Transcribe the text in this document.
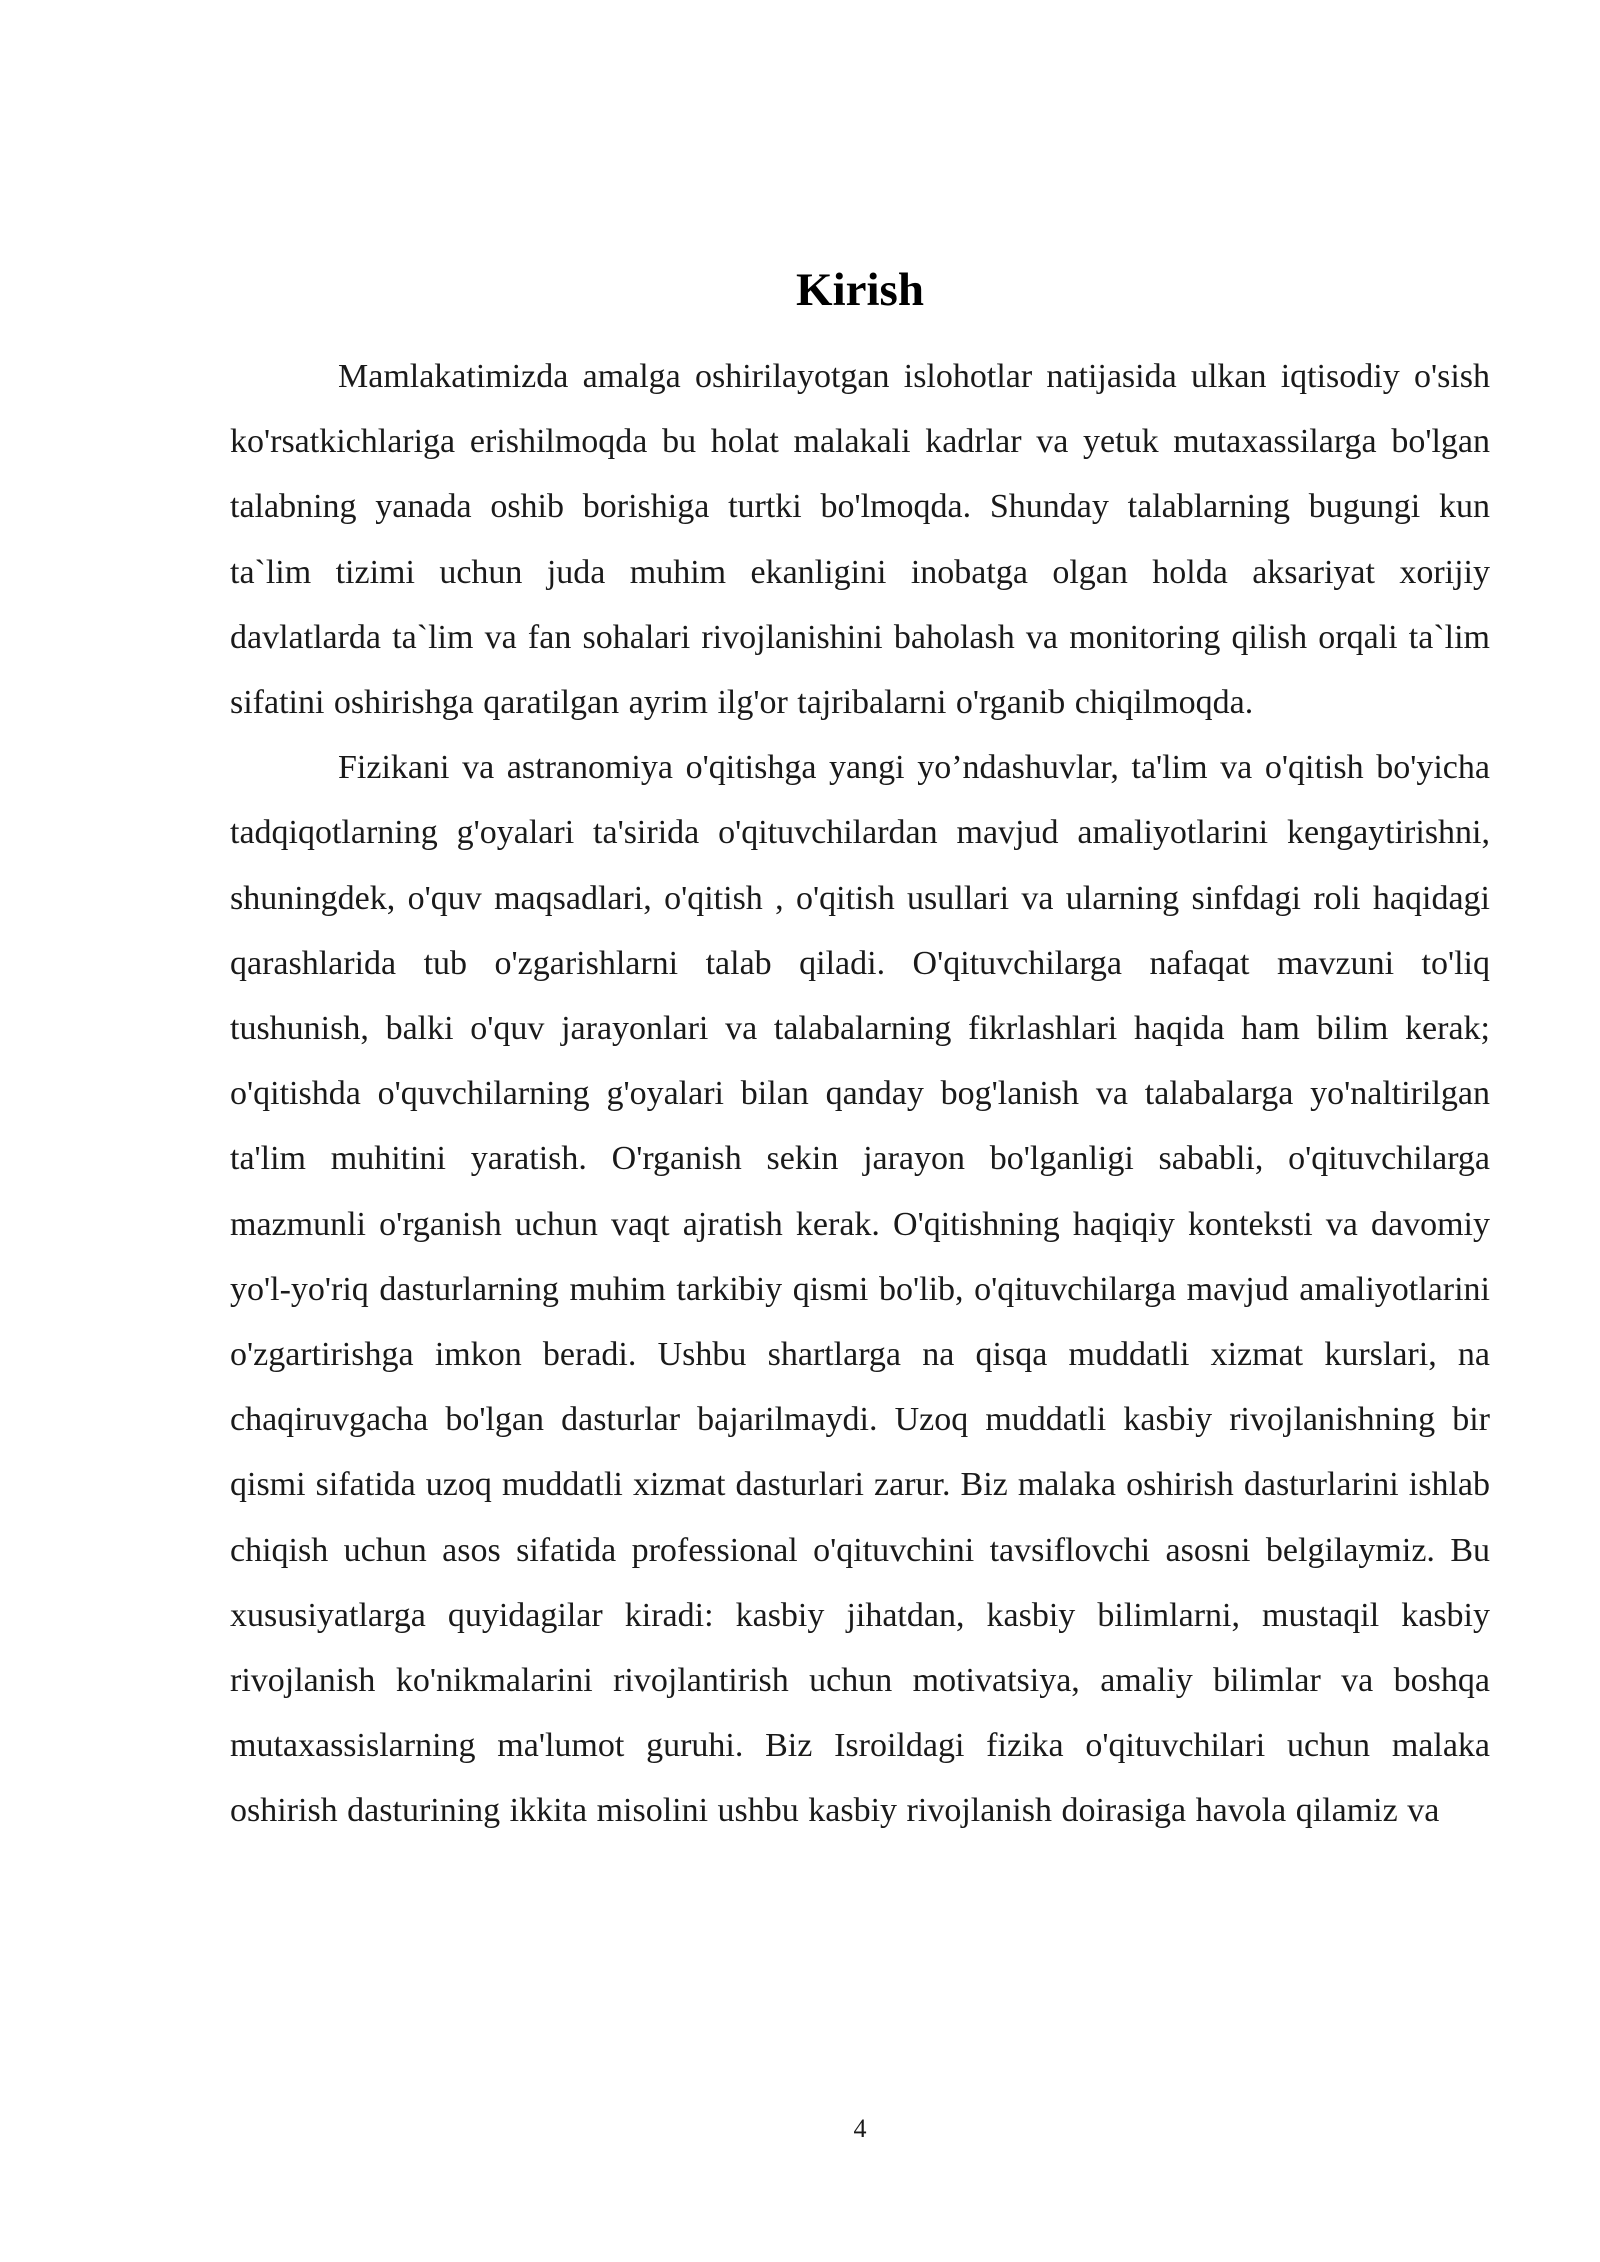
Kirish

Mamlakatimizda amalga oshirilayotgan islohotlar natijasida ulkan iqtisodiy o'sish ko'rsatkichlariga erishilmoqda bu holat malakali kadrlar va yetuk mutaxassilarga bo'lgan talabning yanada oshib borishiga turtki bo'lmoqda. Shunday talablarning bugungi kun ta`lim tizimi uchun juda muhim ekanligini inobatga olgan holda aksariyat xorijiy davlatlarda ta`lim va fan sohalari rivojlanishini baholash va monitoring qilish orqali ta`lim sifatini oshirishga qaratilgan ayrim ilg'or tajribalarni o'rganib chiqilmoqda.

Fizikani va astranomiya o'qitishga yangi yo’ndashuvlar, ta'lim va o'qitish bo'yicha tadqiqotlarning g'oyalari ta'sirida o'qituvchilardan mavjud amaliyotlarini kengaytirishni, shuningdek, o'quv maqsadlari, o'qitish , o'qitish usullari va ularning sinfdagi roli haqidagi qarashlarida tub o'zgarishlarni talab qiladi. O'qituvchilarga nafaqat mavzuni to'liq tushunish, balki o'quv jarayonlari va talabalarning fikrlashlari haqida ham bilim kerak; o'qitishda o'quvchilarning g'oyalari bilan qanday bog'lanish va talabalarga yo'naltirilgan ta'lim muhitini yaratish. O'rganish sekin jarayon bo'lganligi sababli, o'qituvchilarga mazmunli o'rganish uchun vaqt ajratish kerak. O'qitishning haqiqiy konteksti va davomiy yo'l-yo'riq dasturlarning muhim tarkibiy qismi bo'lib, o'qituvchilarga mavjud amaliyotlarini o'zgartirishga imkon beradi. Ushbu shartlarga na qisqa muddatli xizmat kurslari, na chaqiruvgacha bo'lgan dasturlar bajarilmaydi. Uzoq muddatli kasbiy rivojlanishning bir qismi sifatida uzoq muddatli xizmat dasturlari zarur. Biz malaka oshirish dasturlarini ishlab chiqish uchun asos sifatida professional o'qituvchini tavsiflovchi asosni belgilaymiz. Bu xususiyatlarga quyidagilar kiradi: kasbiy jihatdan, kasbiy bilimlarni, mustaqil kasbiy rivojlanish ko'nikmalarini rivojlantirish uchun motivatsiya, amaliy bilimlar va boshqa mutaxassislarning ma'lumot guruhi. Biz Isroildagi fizika o'qituvchilari uchun malaka oshirish dasturining ikkita misolini ushbu kasbiy rivojlanish doirasiga havola qilamiz va

4
